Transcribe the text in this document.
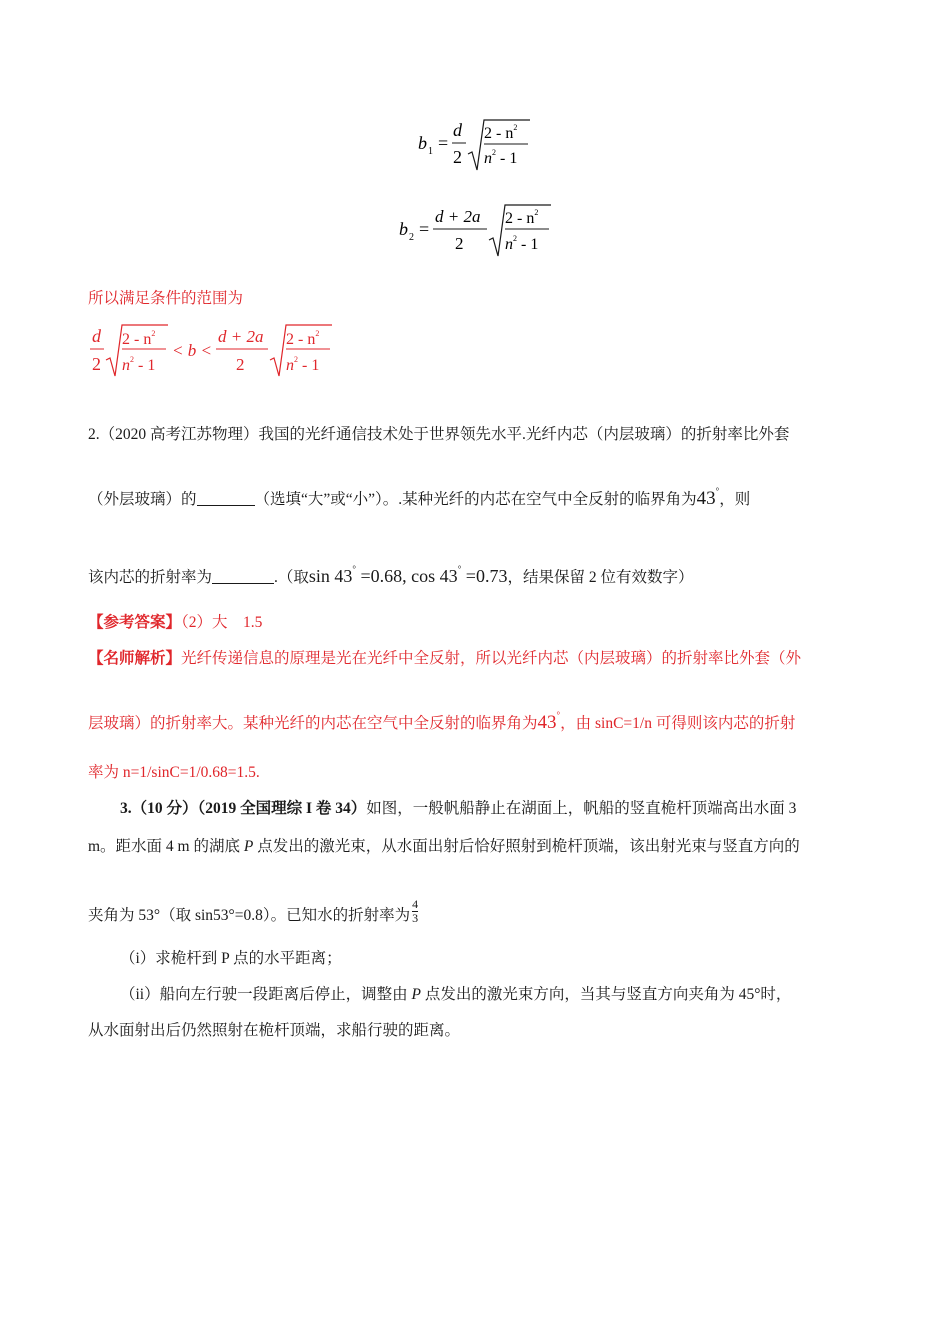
b 1 =
d
2
$2 - n^2$
$n^2 - 1$
b 2 =
d + 2a
2
$2 - n^2$
$n^2 - 1$
所以满足条件的范围为
d
2
$2 - n^2$
$n^2 - 1$
< b <
d + 2a
2
$2 - n^2$
$n^2 - 1$
2.（2020 高考江苏物理）我国的光纤通信技术处于世界领先水平.光纤内芯（内层玻璃）的折射率比外套
（外层玻璃）的	（选填“大”或“小”）。.某种光纤的内芯在空气中全反射的临界角为43°，则
该内芯的折射率为	.（取sin 43° =0.68, cos 43° =0.73，结果保留 2 位有效数字）
【参考答案】（2）大　1.5
【名师解析】光纤传递信息的原理是光在光纤中全反射，所以光纤内芯（内层玻璃）的折射率比外套（外
层玻璃）的折射率大。某种光纤的内芯在空气中全反射的临界角为43°，由 sinC=1/n 可得则该内芯的折射
率为 n=1/sinC=1/0.68=1.5.
3.（10 分）（2019 全国理综 I 卷 34）如图，一般帆船静止在湖面上，帆船的竖直桅杆顶端高出水面 3
m。距水面 4 m 的湖底 P 点发出的激光束，从水面出射后恰好照射到桅杆顶端，该出射光束与竖直方向的
夹角为 53°（取 sin53°=0.8）。已知水的折射率为 $\frac{4}{3}$
（i）求桅杆到 P 点的水平距离；
（ii）船向左行驶一段距离后停止，调整由 P 点发出的激光束方向，当其与竖直方向夹角为 45°时，
从水面射出后仍然照射在桅杆顶端，求船行驶的距离。
